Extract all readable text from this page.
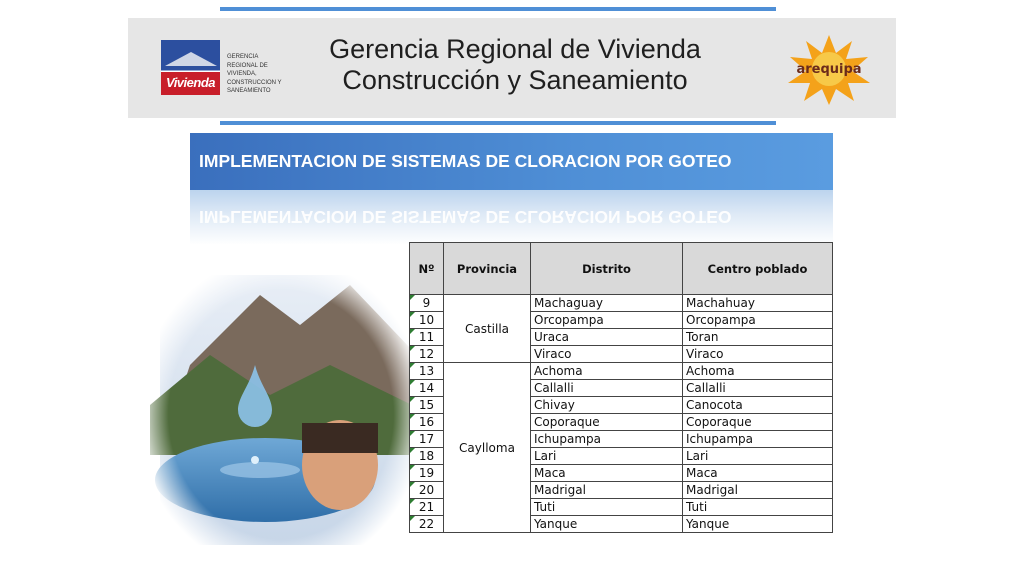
Vivienda
GERENCIA
REGIONAL DE
VIVIENDA,
CONSTRUCCION Y
SANEAMIENTO
Gerencia Regional de Vivienda
Construcción y Saneamiento	arequipa
IMPLEMENTACION DE SISTEMAS DE CLORACION POR GOTEO
IMPLEMENTACION DE SISTEMAS DE CLORACION POR GOTEO
Nº	Provincia	Distrito	Centro poblado
9	Castilla	Machaguay	Machahuay
10		Orcopampa	Orcopampa
11		Uraca	Toran
12		Viraco	Viraco
13	Caylloma	Achoma	Achoma
14		Callalli	Callalli
15		Chivay	Canocota
16		Coporaque	Coporaque
17		Ichupampa	Ichupampa
18		Lari	Lari
19		Maca	Maca
20		Madrigal	Madrigal
21		Tuti	Tuti
22		Yanque	Yanque
